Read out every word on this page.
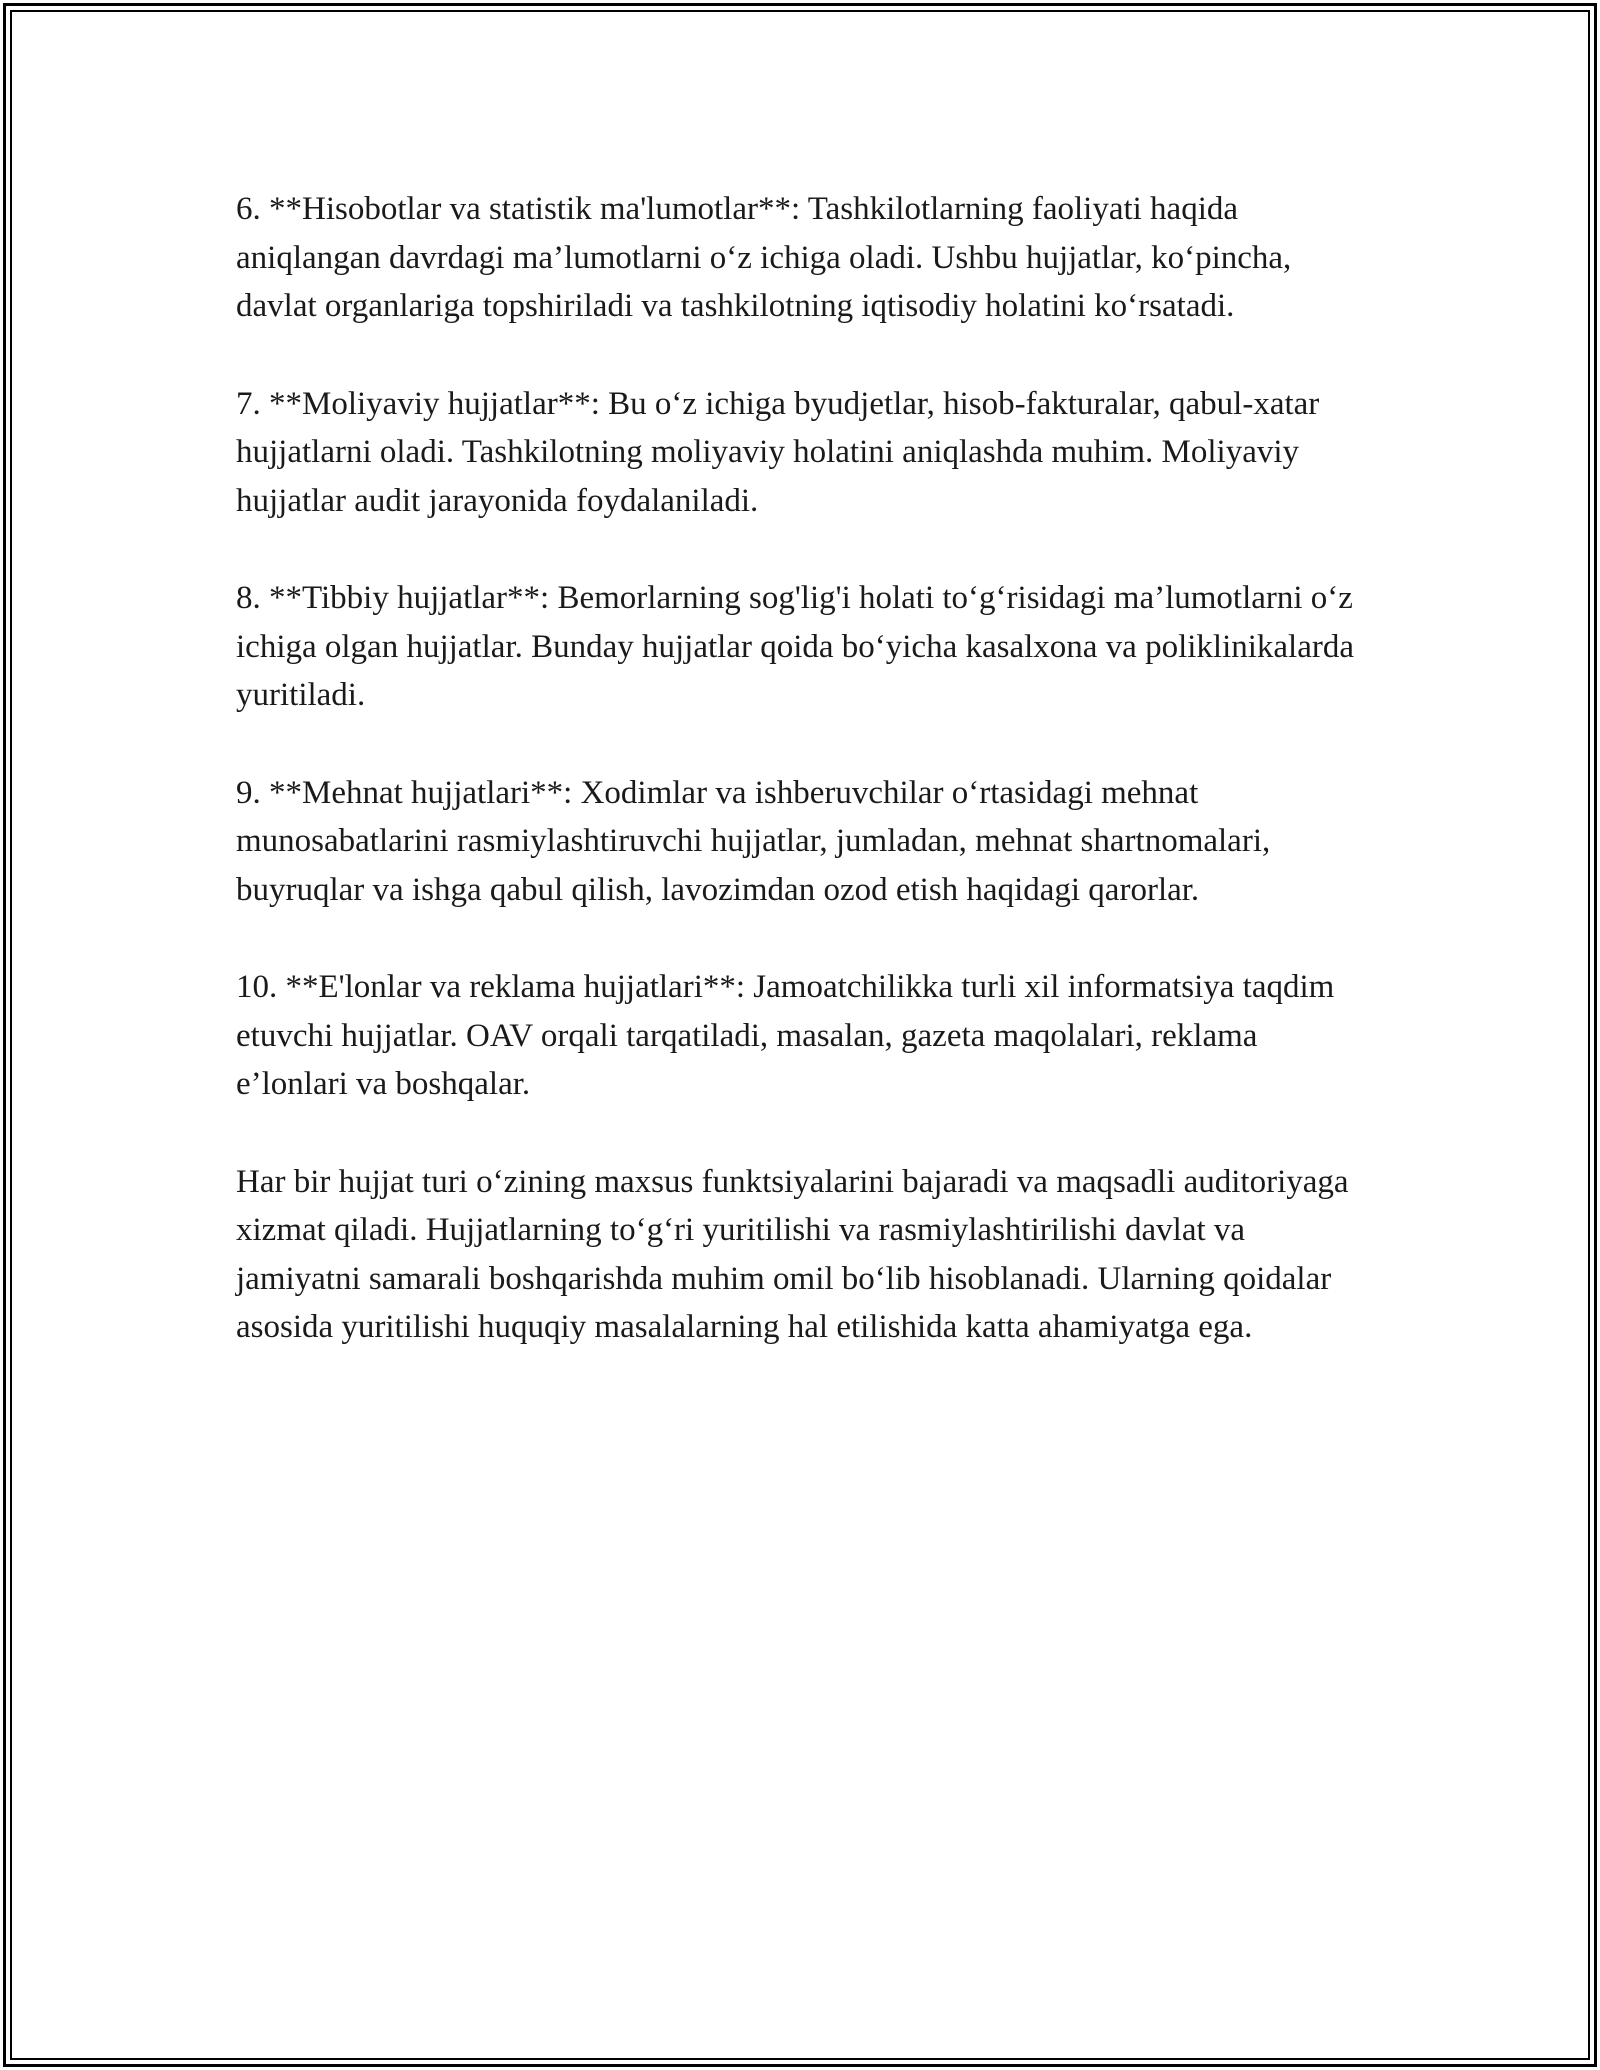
6. **Hisobotlar va statistik ma'lumotlar**: Tashkilotlarning faoliyati haqida aniqlangan davrdagi ma’lumotlarni o‘z ichiga oladi. Ushbu hujjatlar, ko‘pincha, davlat organlariga topshiriladi va tashkilotning iqtisodiy holatini ko‘rsatadi.

7. **Moliyaviy hujjatlar**: Bu o‘z ichiga byudjetlar, hisob-fakturalar, qabul-xatar hujjatlarni oladi. Tashkilotning moliyaviy holatini aniqlashda muhim. Moliyaviy hujjatlar audit jarayonida foydalaniladi.

8. **Tibbiy hujjatlar**: Bemorlarning sog'lig'i holati to‘g‘risidagi ma’lumotlarni o‘z ichiga olgan hujjatlar. Bunday hujjatlar qoida bo‘yicha kasalxona va poliklinikalarda yuritiladi.

9. **Mehnat hujjatlari**: Xodimlar va ishberuvchilar o‘rtasidagi mehnat munosabatlarini rasmiylashtiruvchi hujjatlar, jumladan, mehnat shartnomalari, buyruqlar va ishga qabul qilish, lavozimdan ozod etish haqidagi qarorlar.

10. **E'lonlar va reklama hujjatlari**: Jamoatchilikka turli xil informatsiya taqdim etuvchi hujjatlar. OAV orqali tarqatiladi, masalan, gazeta maqolalari, reklama e’lonlari va boshqalar.

Har bir hujjat turi o‘zining maxsus funktsiyalarini bajaradi va maqsadli auditoriyaga xizmat qiladi. Hujjatlarning to‘g‘ri yuritilishi va rasmiylashtirilishi davlat va jamiyatni samarali boshqarishda muhim omil bo‘lib hisoblanadi. Ularning qoidalar asosida yuritilishi huquqiy masalalarning hal etilishida katta ahamiyatga ega.
